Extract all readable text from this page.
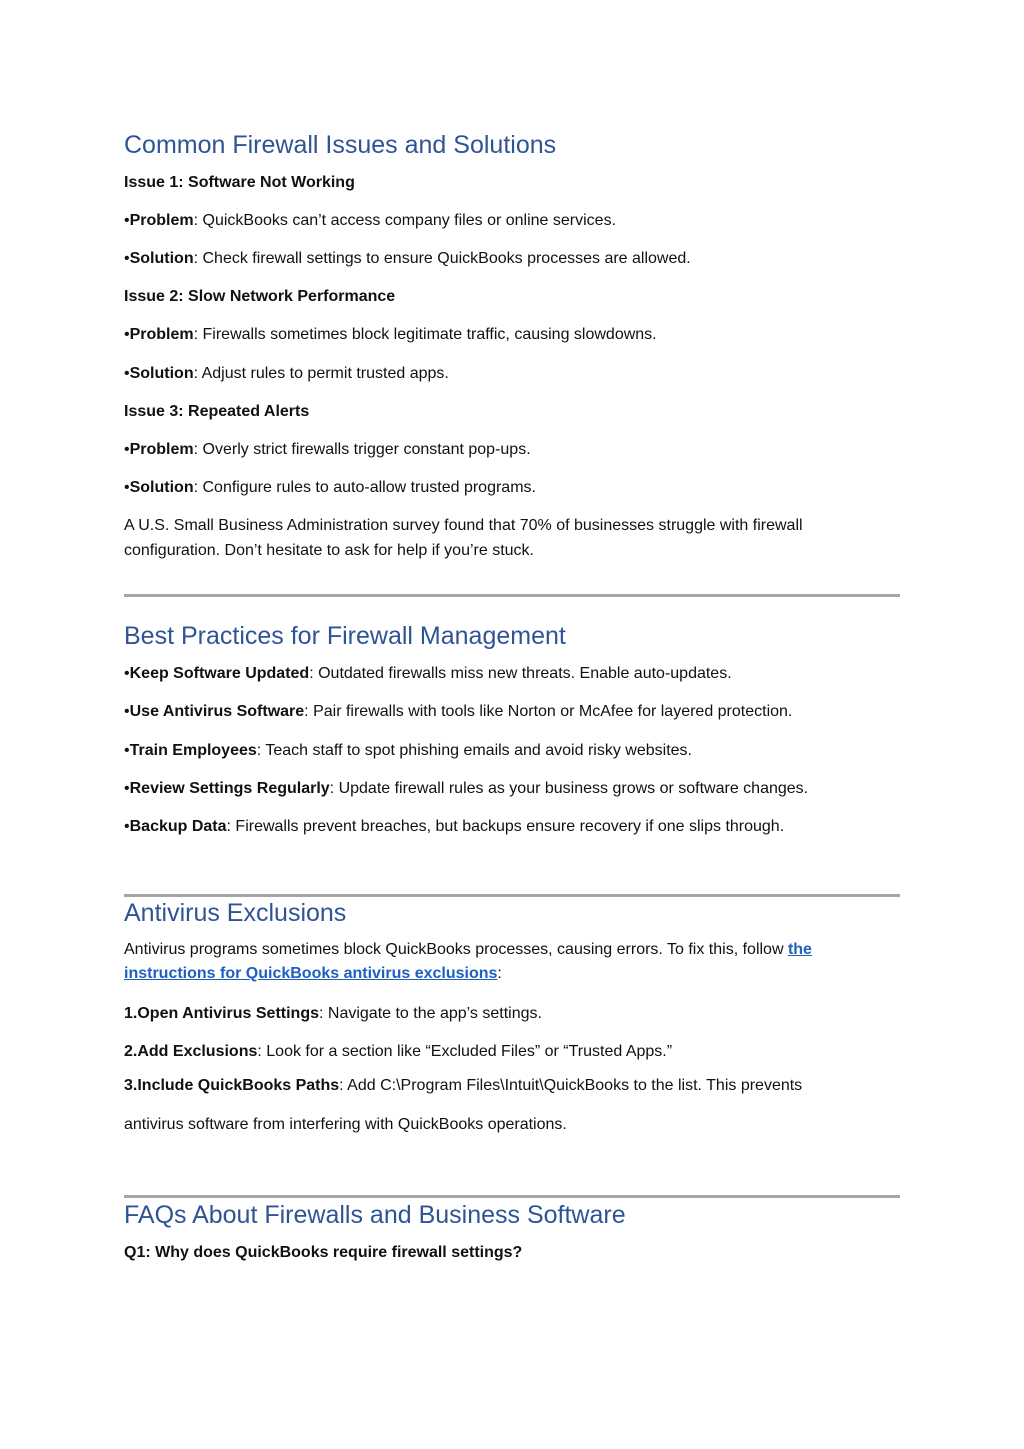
Common Firewall Issues and Solutions

Issue 1: Software Not Working

•Problem: QuickBooks can’t access company files or online services.

•Solution: Check firewall settings to ensure QuickBooks processes are allowed.

Issue 2: Slow Network Performance

•Problem: Firewalls sometimes block legitimate traffic, causing slowdowns.

•Solution: Adjust rules to permit trusted apps.

Issue 3: Repeated Alerts

•Problem: Overly strict firewalls trigger constant pop-ups.

•Solution: Configure rules to auto-allow trusted programs.

A U.S. Small Business Administration survey found that 70% of businesses struggle with firewall configuration. Don’t hesitate to ask for help if you’re stuck.

Best Practices for Firewall Management

•Keep Software Updated: Outdated firewalls miss new threats. Enable auto-updates.

•Use Antivirus Software: Pair firewalls with tools like Norton or McAfee for layered protection.

•Train Employees: Teach staff to spot phishing emails and avoid risky websites.

•Review Settings Regularly: Update firewall rules as your business grows or software changes.

•Backup Data: Firewalls prevent breaches, but backups ensure recovery if one slips through.

Antivirus Exclusions

Antivirus programs sometimes block QuickBooks processes, causing errors. To fix this, follow the

instructions for QuickBooks antivirus exclusions:

1.Open Antivirus Settings: Navigate to the app’s settings.

2.Add Exclusions: Look for a section like “Excluded Files” or “Trusted Apps.”

3.Include QuickBooks Paths: Add C:\Program Files\Intuit\QuickBooks to the list. This prevents

antivirus software from interfering with QuickBooks operations.

FAQs About Firewalls and Business Software

Q1: Why does QuickBooks require firewall settings?
